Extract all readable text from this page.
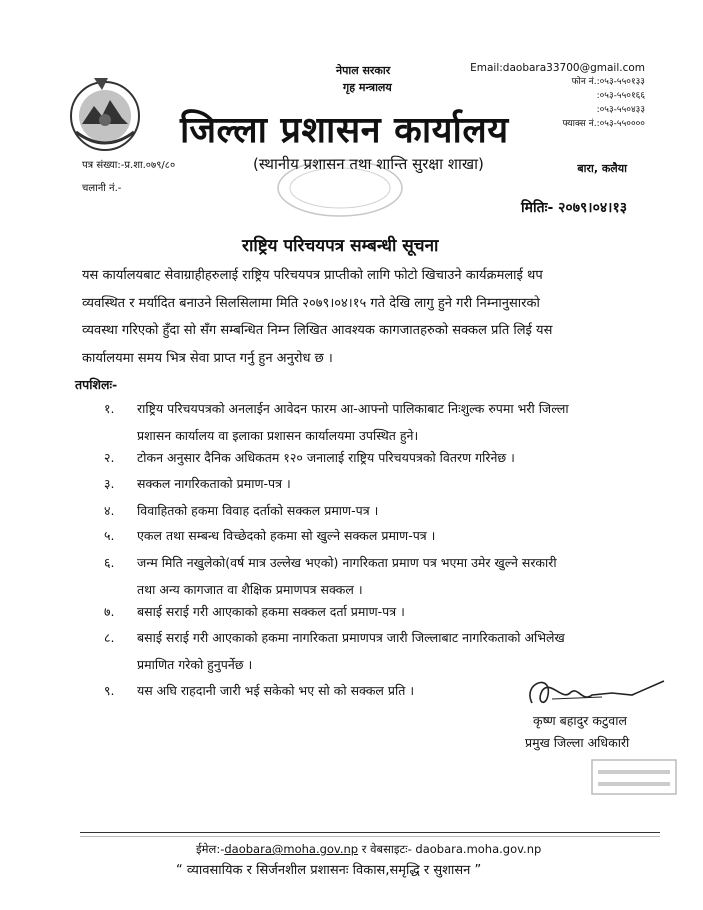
नेपाल सरकार
गृह मन्त्रालय
जिल्ला प्रशासन कार्यालय
Email:daobara33700@gmail.com
फोन नं.:०५३-५५०१३३
:०५३-५५०१६६
:०५३-५५०४३३
फ्याक्स नं.:०५३-५५००००
(स्थानीय प्रशासन तथा शान्ति सुरक्षा शाखा)
पत्र संख्या:-प्र.शा.०७९/८०
चलानी नं.-
बारा, कलैया
मितिः- २०७९।०४।१३
राष्ट्रिय परिचयपत्र सम्बन्धी सूचना
यस कार्यालयबाट सेवाग्राहीहरुलाई राष्ट्रिय परिचयपत्र प्राप्तीको लागि फोटो खिचाउने कार्यक्रमलाई थप
व्यवस्थित र मर्यादित बनाउने सिलसिलामा मिति २०७९।०४।१५ गते देखि लागु हुने गरी निम्नानुसारको
व्यवस्था गरिएको हुँदा सो सँग सम्बन्धित निम्न लिखित आवश्यक कागजातहरुको सक्कल प्रति लिई यस
कार्यालयमा समय भित्र सेवा प्राप्त गर्नु हुन अनुरोध छ ।
तपशिलः-
१.	राष्ट्रिय परिचयपत्रको अनलाईन आवेदन फारम आ-आफ्नो पालिकाबाट निःशुल्क रुपमा भरी जिल्ला
प्रशासन कार्यालय वा इलाका प्रशासन कार्यालयमा उपस्थित हुने।
२.	टोकन अनुसार दैनिक अधिकतम १२० जनालाई राष्ट्रिय परिचयपत्रको वितरण गरिनेछ ।
३.	सक्कल नागरिकताको प्रमाण-पत्र ।
४.	विवाहितको हकमा विवाह दर्ताको सक्कल प्रमाण-पत्र ।
५.	एकल तथा सम्बन्ध विच्छेदको हकमा सो खुल्ने सक्कल प्रमाण-पत्र ।
६.	जन्म मिति नखुलेको(वर्ष मात्र उल्लेख भएको) नागरिकता प्रमाण पत्र भएमा उमेर खुल्ने सरकारी
तथा अन्य कागजात वा शैक्षिक प्रमाणपत्र सक्कल ।
७.	बसाई सराई गरी आएकाको हकमा सक्कल दर्ता प्रमाण-पत्र ।
८.	बसाई सराई गरी आएकाको हकमा नागरिकता प्रमाणपत्र जारी जिल्लाबाट नागरिकताको अभिलेख
प्रमाणित गरेको हुनुपर्नेछ ।
९.	यस अघि राहदानी जारी भई सकेको भए सो को सक्कल प्रति ।
कृष्ण बहादुर कटुवाल
प्रमुख जिल्ला अधिकारी
ईमेल:-daobara@moha.gov.np र वेबसाइटः- daobara.moha.gov.np
“ व्यावसायिक र सिर्जनशील प्रशासनः विकास,समृद्धि र सुशासन ”
